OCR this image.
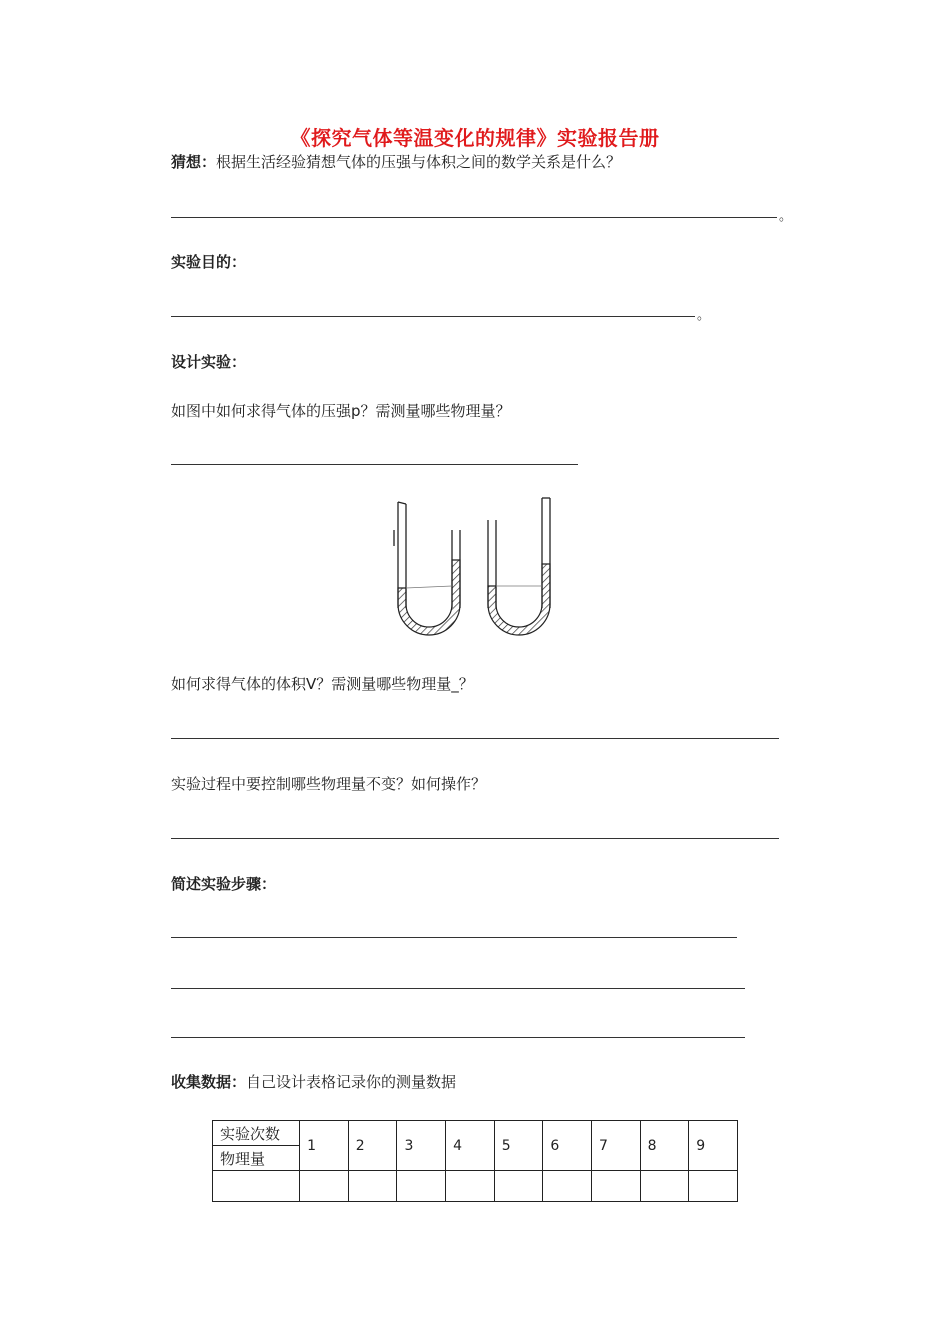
《探究气体等温变化的规律》实验报告册
猜想：根据生活经验猜想气体的压强与体积之间的数学关系是什么？
。
实验目的：
。
设计实验：
如图中如何求得气体的压强p？需测量哪些物理量？
如何求得气体的体积V？需测量哪些物理量_？
实验过程中要控制哪些物理量不变？如何操作？
简述实验步骤：
收集数据：自己设计表格记录你的测量数据
实验次数	1	2	3	4	5	6	7	8	9
物理量									
